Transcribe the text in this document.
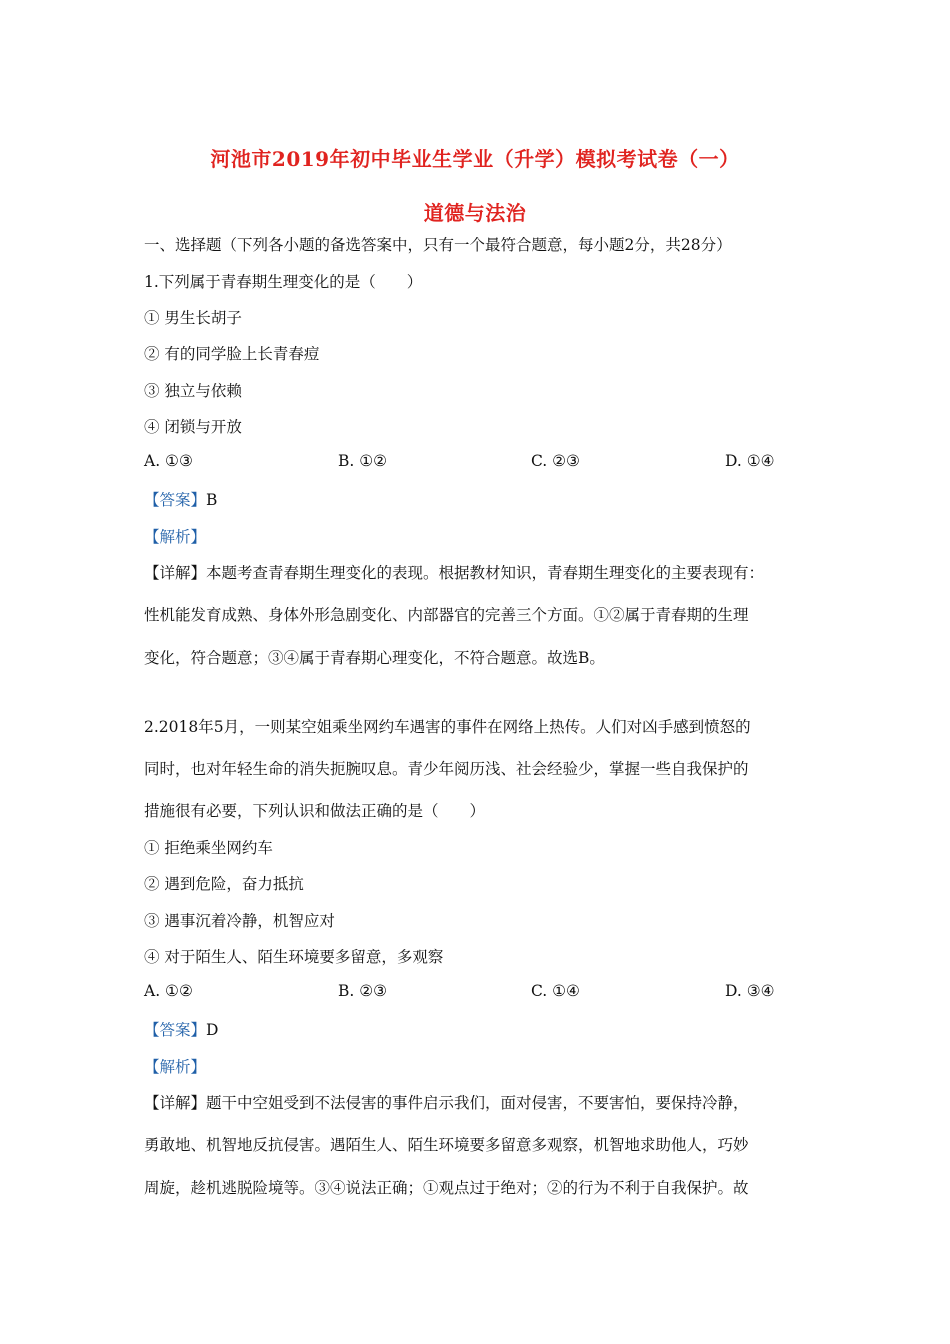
河池市2019年初中毕业生学业（升学）模拟考试卷（一）
道德与法治
一、选择题（下列各小题的备选答案中，只有一个最符合题意，每小题2分，共28分）
1.下列属于青春期生理变化的是（　　）
① 男生长胡子
② 有的同学脸上长青春痘
③ 独立与依赖
④ 闭锁与开放
A. ①③	B. ①②	C. ②③	D. ①④
【答案】B
【解析】
【详解】本题考查青春期生理变化的表现。根据教材知识，青春期生理变化的主要表现有：
性机能发育成熟、身体外形急剧变化、内部器官的完善三个方面。①②属于青春期的生理
变化，符合题意；③④属于青春期心理变化，不符合题意。故选B。
2.2018年5月，一则某空姐乘坐网约车遇害的事件在网络上热传。人们对凶手感到愤怒的
同时，也对年轻生命的消失扼腕叹息。青少年阅历浅、社会经验少，掌握一些自我保护的
措施很有必要，下列认识和做法正确的是（　　）
① 拒绝乘坐网约车
② 遇到危险，奋力抵抗
③ 遇事沉着冷静，机智应对
④ 对于陌生人、陌生环境要多留意，多观察
A. ①②	B. ②③	C. ①④	D. ③④
【答案】D
【解析】
【详解】题干中空姐受到不法侵害的事件启示我们，面对侵害，不要害怕，要保持冷静，
勇敢地、机智地反抗侵害。遇陌生人、陌生环境要多留意多观察，机智地求助他人，巧妙
周旋，趁机逃脱险境等。③④说法正确；①观点过于绝对；②的行为不利于自我保护。故
